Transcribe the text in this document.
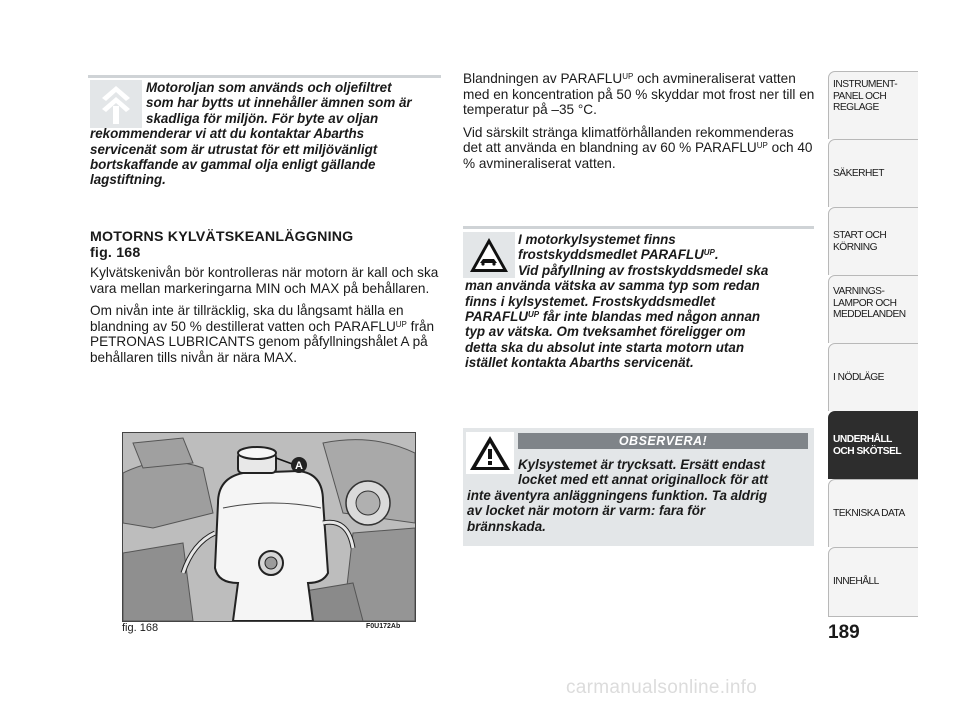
Motoroljan som används och oljefiltret
som har bytts ut innehåller ämnen som är
skadliga för miljön. För byte av oljan
rekommenderar vi att du kontaktar Abarths
servicenät som är utrustat för ett miljövänligt
bortskaffande av gammal olja enligt gällande
lagstiftning.
MOTORNS KYLVÄTSKEANLÄGGNING
fig. 168

Kylvätskenivån bör kontrolleras när motorn är kall och ska vara mellan markeringarna MIN och MAX på behållaren.

Om nivån inte är tillräcklig, ska du långsamt hälla en blandning av 50 % destillerat vatten och $PARAFLU^{UP}$ från PETRONAS LUBRICANTS genom påfyllningshålet A på behållaren tills nivån är nära MAX.

A
fig. 168	F0U172Ab

Blandningen av $PARAFLU^{UP}$ och avmineraliserat vatten med en koncentration på 50 % skyddar mot frost ner till en temperatur på –35 °C.

Vid särskilt stränga klimatförhållanden rekommenderas det att använda en blandning av 60 % $PARAFLU^{UP}$ och 40 % avmineraliserat vatten.

I motorkylsystemet finns
frostskyddsmedlet $PARAFLU^{UP}$.
Vid påfyllning av frostskyddsmedel ska
man använda vätska av samma typ som redan
finns i kylsystemet. Frostskyddsmedlet
$PARAFLU^{UP}$ får inte blandas med någon annan
typ av vätska. Om tveksamhet föreligger om
detta ska du absolut inte starta motorn utan
istället kontakta Abarths servicenät.
OBSERVERA!
Kylsystemet är trycksatt. Ersätt endast
locket med ett annat originallock för att
inte äventyra anläggningens funktion. Ta aldrig
av locket när motorn är varm: fara för
brännskada.
INSTRUMENT-
PANEL OCH
REGLAGE
SÄKERHET
START OCH
KÖRNING
VARNINGS-
LAMPOR OCH
MEDDELANDEN
I NÖDLÄGE
UNDERHÅLL
OCH SKÖTSEL
TEKNISKA DATA
INNEHÅLL
189
carmanualsonline.info
